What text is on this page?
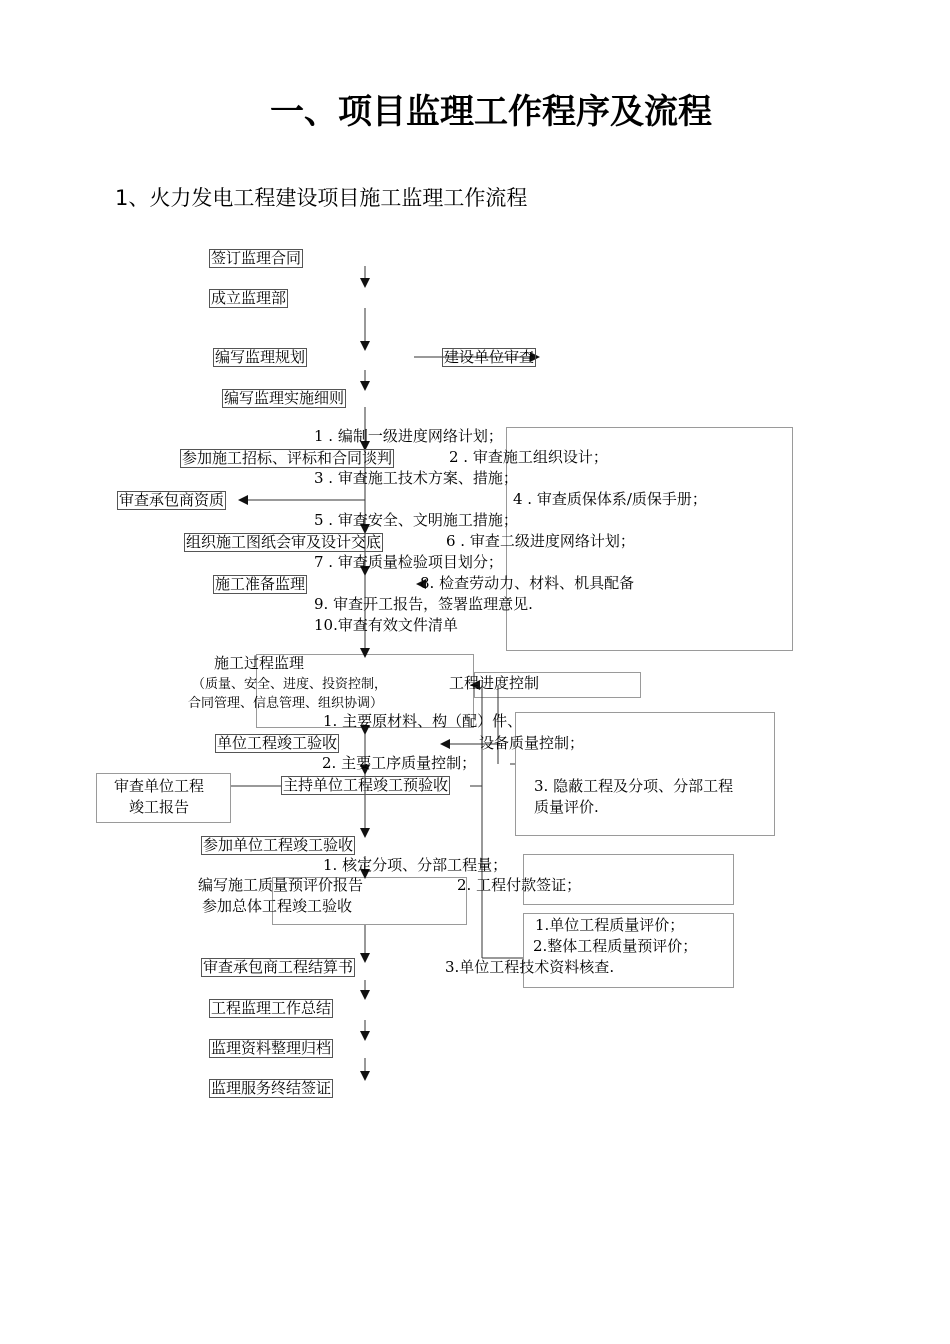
一、项目监理工作程序及流程
1、火力发电工程建设项目施工监理工作流程
签订监理合同
成立监理部
编写监理规划	建设单位审查
编写监理实施细则
参加施工招标、评标和合同谈判
审查承包商资质
组织施工图纸会审及设计交底
施工准备监理
单位工程竣工验收
主持单位工程竣工预验收
参加单位工程竣工验收
审查承包商工程结算书
工程监理工作总结
监理资料整理归档
监理服务终结签证
审查单位工程
竣工报告
1 . 编制一级进度网络计划；
2 . 审查施工组织设计；
3 . 审查施工技术方案、措施；
4 . 审查质保体系/质保手册；
5 . 审查安全、文明施工措施；
6 . 审查二级进度网络计划；
7 . 审查质量检验项目划分；
8. 检查劳动力、材料、机具配备
9. 审查开工报告，签署监理意见.
10.审查有效文件清单
施工过程监理
（质量、安全、进度、投资控制，
合同管理、信息管理、组织协调）
工程进度控制
1. 主要原材料、构（配）件、
设备质量控制；
2. 主要工序质量控制；
3. 隐蔽工程及分项、分部工程
质量评价.
1. 核定分项、分部工程量；
编写施工质量预评价报告	2. 工程付款签证；
参加总体工程竣工验收
1.单位工程质量评价；
2.整体工程质量预评价；
3.单位工程技术资料核查.
